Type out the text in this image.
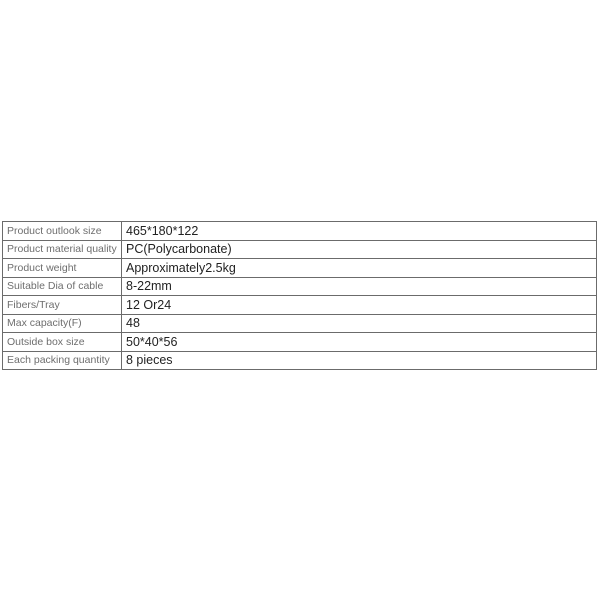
Product outlook size	465*180*122
Product material quality	PC(Polycarbonate)
Product weight	Approximately2.5kg
Suitable Dia of cable	8-22mm
Fibers/Tray	12 Or24
Max capacity(F)	48
Outside box size	50*40*56
Each packing quantity	8 pieces
